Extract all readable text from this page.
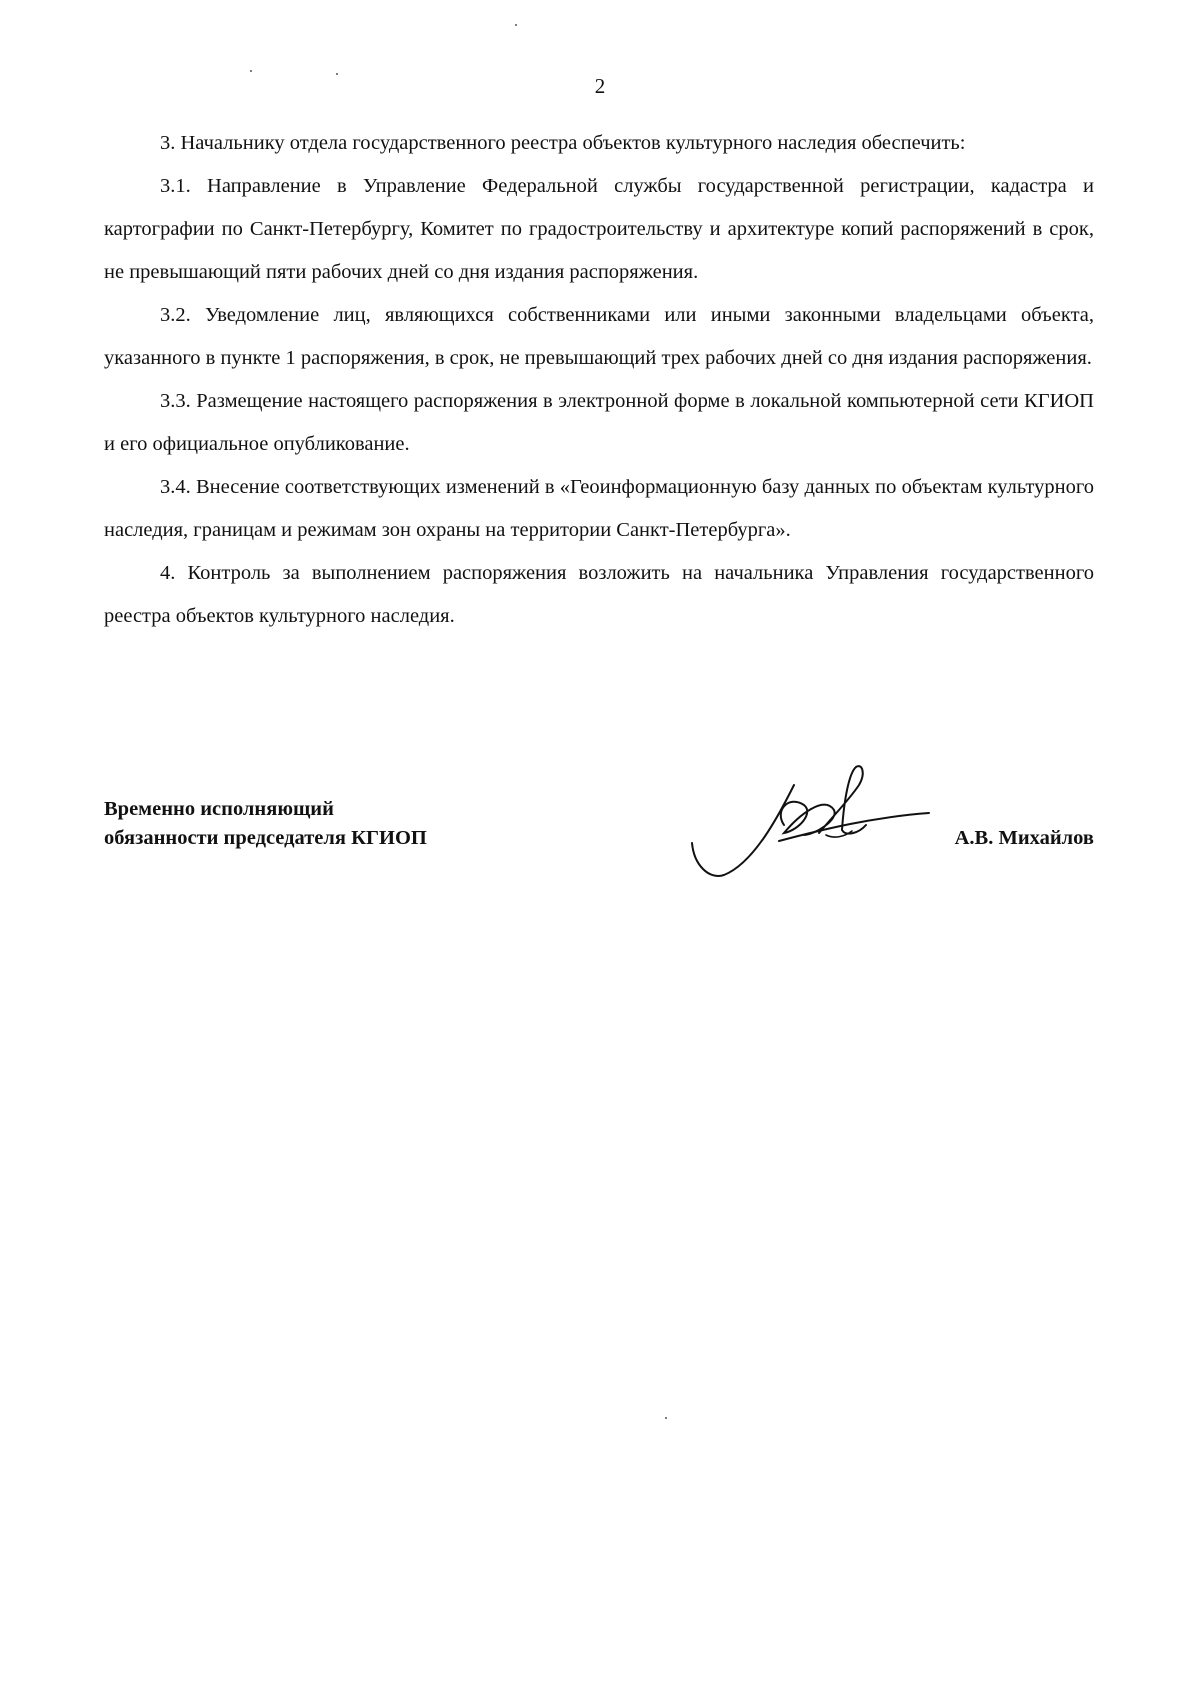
2

3. Начальнику отдела государственного реестра объектов культурного наследия обеспечить:

3.1. Направление в Управление Федеральной службы государственной регистрации, кадастра и картографии по Санкт-Петербургу, Комитет по градостроительству и архитектуре копий распоряжений в срок, не превышающий пяти рабочих дней со дня издания распоряжения.

3.2. Уведомление лиц, являющихся собственниками или иными законными владельцами объекта, указанного в пункте 1 распоряжения, в срок, не превышающий трех рабочих дней со дня издания распоряжения.

3.3. Размещение настоящего распоряжения в электронной форме в локальной компьютерной сети КГИОП и его официальное опубликование.

3.4. Внесение соответствующих изменений в «Геоинформационную базу данных по объектам культурного наследия, границам и режимам зон охраны на территории Санкт-Петербурга».

4. Контроль за выполнением распоряжения возложить на начальника Управления государственного реестра объектов культурного наследия.

Временно исполняющий
обязанности председателя КГИОП	А.В. Михайлов
